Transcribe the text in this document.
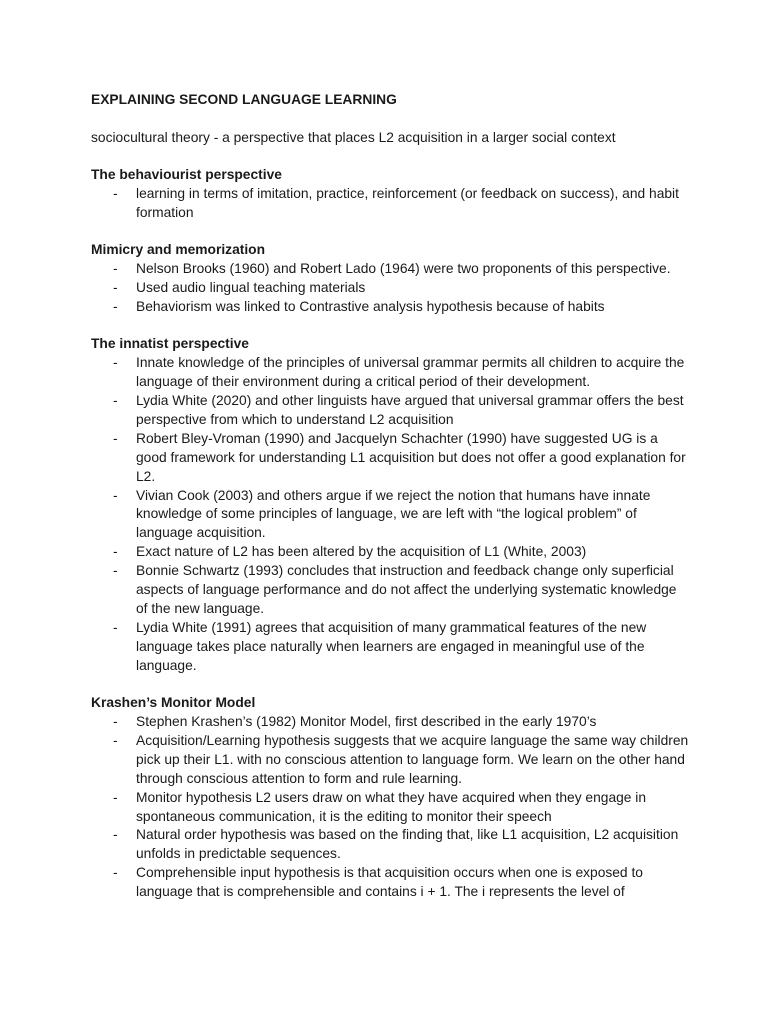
EXPLAINING SECOND LANGUAGE LEARNING

sociocultural theory - a perspective that places L2 acquisition in a larger social context

The behaviourist perspective

- learning in terms of imitation, practice, reinforcement (or feedback on success), and habit formation

Mimicry and memorization

- Nelson Brooks (1960) and Robert Lado (1964) were two proponents of this perspective.
- Used audio lingual teaching materials
- Behaviorism was linked to Contrastive analysis hypothesis because of habits

The innatist perspective

- Innate knowledge of the principles of universal grammar permits all children to acquire the language of their environment during a critical period of their development.
- Lydia White (2020) and other linguists have argued that universal grammar offers the best perspective from which to understand L2 acquisition
- Robert Bley-Vroman (1990) and Jacquelyn Schachter (1990) have suggested UG is a good framework for understanding L1 acquisition but does not offer a good explanation for L2.
- Vivian Cook (2003) and others argue if we reject the notion that humans have innate knowledge of some principles of language, we are left with “the logical problem” of language acquisition.
- Exact nature of L2 has been altered by the acquisition of L1 (White, 2003)
- Bonnie Schwartz (1993) concludes that instruction and feedback change only superficial aspects of language performance and do not affect the underlying systematic knowledge of the new language.
- Lydia White (1991) agrees that acquisition of many grammatical features of the new language takes place naturally when learners are engaged in meaningful use of the language.

Krashen’s Monitor Model

- Stephen Krashen’s (1982) Monitor Model, first described in the early 1970’s
- Acquisition/Learning hypothesis suggests that we acquire language the same way children pick up their L1. with no conscious attention to language form. We learn on the other hand through conscious attention to form and rule learning.
- Monitor hypothesis L2 users draw on what they have acquired when they engage in spontaneous communication, it is the editing to monitor their speech
- Natural order hypothesis was based on the finding that, like L1 acquisition, L2 acquisition unfolds in predictable sequences.
- Comprehensible input hypothesis is that acquisition occurs when one is exposed to language that is comprehensible and contains i + 1. The i represents the level of
